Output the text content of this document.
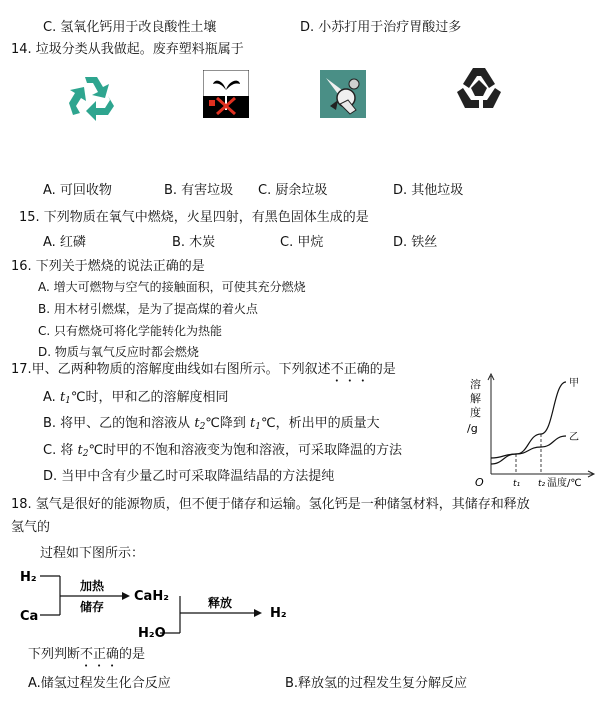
C. 氢氧化钙用于改良酸性土壤	D. 小苏打用于治疗胃酸过多
14. 垃圾分类从我做起。废弃塑料瓶属于
A. 可回收物	B. 有害垃圾 C. 厨余垃圾	D. 其他垃圾
15. 下列物质在氧气中燃烧，火星四射，有黑色固体生成的是
A. 红磷	B. 木炭	C. 甲烷	D. 铁丝
16. 下列关于燃烧的说法正确的是
A. 增大可燃物与空气的接触面积，可使其充分燃烧
B. 用木材引燃煤，是为了提高煤的着火点
C. 只有燃烧可将化学能转化为热能
D. 物质与氧气反应时都会燃烧
17.甲、乙两种物质的溶解度曲线如右图所示。下列叙述不正确的是
A. $t_1℃$时，甲和乙的溶解度相同
B. 将甲、乙的饱和溶液从 $t_2℃$降到 $t_1℃$，析出甲的质量大
C. 将 $t_2℃$时甲的不饱和溶液变为饱和溶液，可采取降温的方法
D. 当甲中含有少量乙时可采取降温结晶的方法提纯
溶
解
度
/g
O	温度/℃
甲
乙
t₁ t₂
18. 氢气是很好的能源物质，但不便于储存和运输。氢化钙是一种储氢材料，其储存和释放
氢气的
过程如下图所示：
H₂
Ca
加热
储存
CaH₂
H₂O
释放
H₂
下列判断不正确的是
A.储氢过程发生化合反应	B.释放氢的过程发生复分解反应
